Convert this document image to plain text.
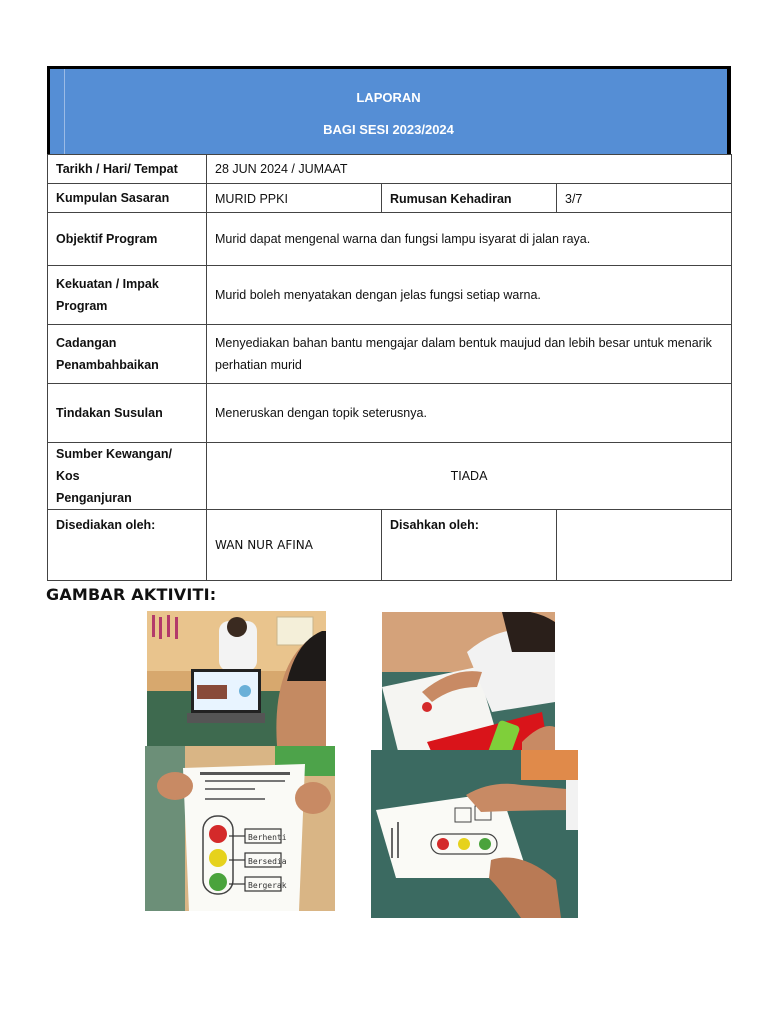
LAPORAN
BAGI SESI 2023/2024
Tarikh / Hari/ Tempat	28 JUN 2024 / JUMAAT		
Kumpulan Sasaran	MURID PPKI	Rumusan Kehadiran	3/7
Objektif Program	Murid dapat mengenal warna dan fungsi lampu isyarat di jalan raya.		
Kekuatan / Impak
Program	Murid boleh menyatakan dengan jelas fungsi setiap warna.		
Cadangan
Penambahbaikan	Menyediakan bahan bantu mengajar dalam bentuk maujud dan lebih besar untuk menarik
perhatian murid		
Tindakan Susulan	Meneruskan dengan topik seterusnya.		
Sumber Kewangan/ Kos
Penganjuran	TIADA		
Disediakan oleh:	WAN NUR AFINA	Disahkan oleh:	
GAMBAR AKTIVITI:
Berhenti
Bersedia
Bergerak
